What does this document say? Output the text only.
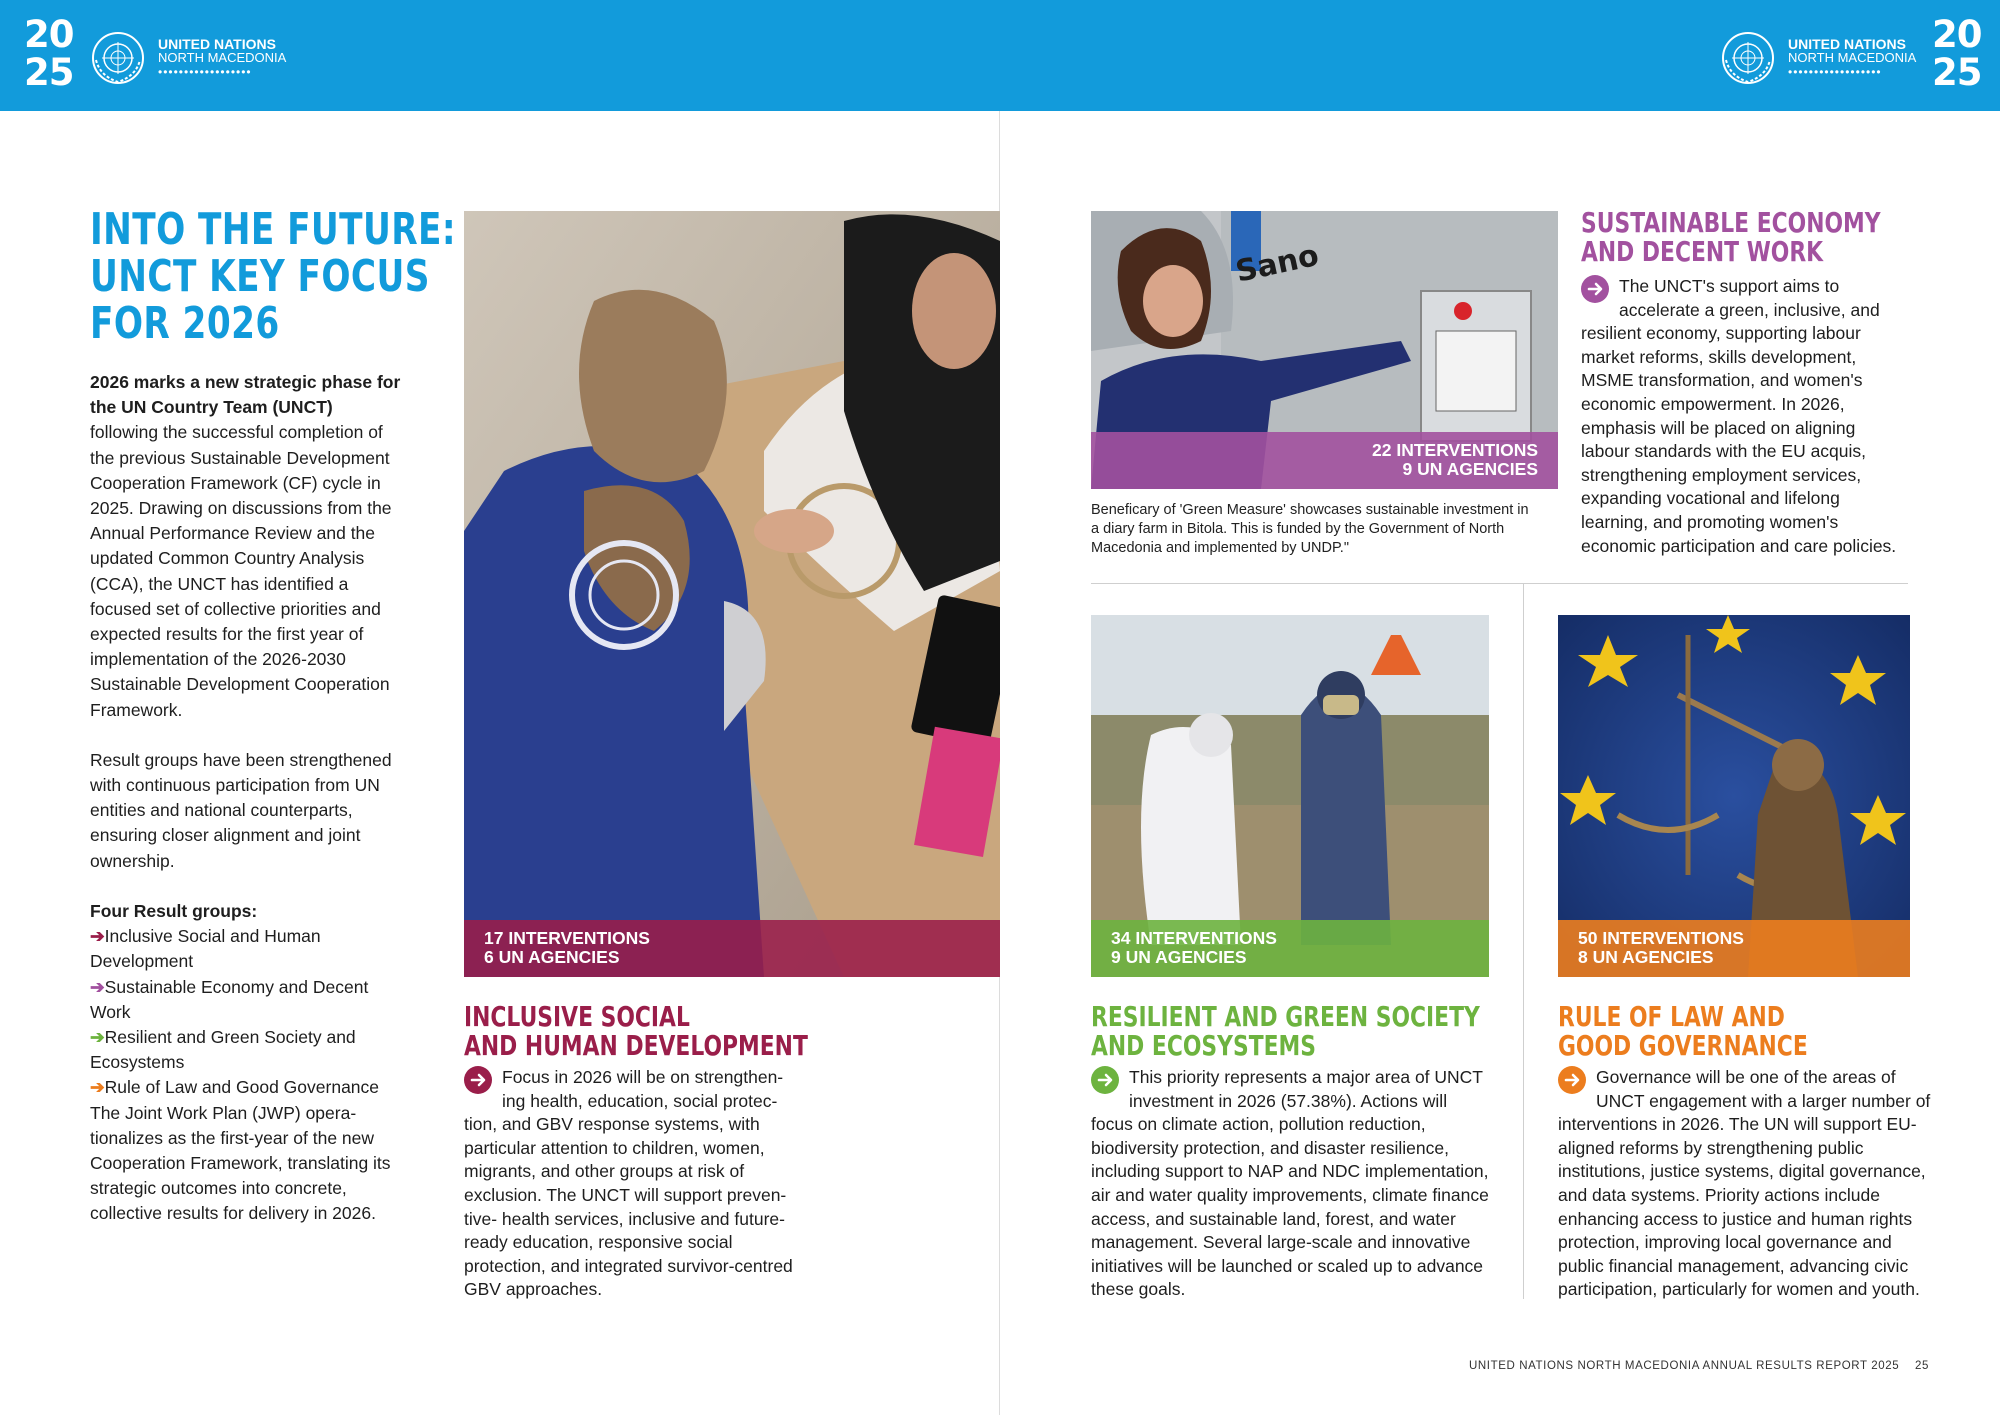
20
25
UNITED NATIONS
NORTH MACEDONIA
••••••••••••••••••
UNITED NATIONS
NORTH MACEDONIA
••••••••••••••••••
20
25
INTO THE FUTURE:
UNCT KEY FOCUS
FOR 2026

2026 marks a new strategic phase for the UN Country Team (UNCT) following the successful completion of the previous Sustainable Development Cooperation Framework (CF) cycle in 2025. Drawing on discussions from the Annual Performance Review and the updated Common Country Analysis (CCA), the UNCT has identified a focused set of collective priorities and expected results for the first year of implementation of the 2026-2030 Sustainable Development Cooperation Framework.

Result groups have been strengthened with continuous participation from UN entities and national counterparts, ensuring closer alignment and joint ownership.

Four Result groups:
➔Inclusive Social and Human Development
➔Sustainable Economy and Decent Work
➔Resilient and Green Society and Ecosystems
➔Rule of Law and Good Governance
The Joint Work Plan (JWP) opera- tionalizes as the first-year of the new Cooperation Framework, translating its strategic outcomes into concrete, collective results for delivery in 2026.
17 INTERVENTIONS
6 UN AGENCIES
INCLUSIVE SOCIAL
AND HUMAN DEVELOPMENT
Focus in 2026 will be on strengthen- ing health, education, social protec- tion, and GBV response systems, with particular attention to children, women, migrants, and other groups at risk of exclusion. The UNCT will support preven- tive- health services, inclusive and future-ready education, responsive social protection, and integrated survivor-centred GBV approaches.
Sano
22 INTERVENTIONS
9 UN AGENCIES
Beneficary of 'Green Measure' showcases sustainable investment in a diary farm in Bitola. This is funded by the Government of North Macedonia and implemented by UNDP."
SUSTAINABLE ECONOMY
AND DECENT WORK
The UNCT's support aims to accelerate a green, inclusive, and resilient economy, supporting labour market reforms, skills development, MSME transformation, and women's economic empowerment. In 2026, emphasis will be placed on aligning labour standards with the EU acquis, strengthening employment services, expanding vocational and lifelong learning, and promoting women's economic participation and care policies.
34 INTERVENTIONS
9 UN AGENCIES
RESILIENT AND GREEN SOCIETY
AND ECOSYSTEMS
This priority represents a major area of UNCT investment in 2026 (57.38%). Actions will focus on climate action, pollution reduction, biodiversity protection, and disaster resilience, including support to NAP and NDC implementation, air and water quality improvements, climate finance access, and sustainable land, forest, and water management. Several large-scale and innovative initiatives will be launched or scaled up to advance these goals.
50 INTERVENTIONS
8 UN AGENCIES
RULE OF LAW AND
GOOD GOVERNANCE
Governance will be one of the areas of UNCT engagement with a larger number of interventions in 2026. The UN will support EU-aligned reforms by strengthening public institutions, justice systems, digital governance, and data systems. Priority actions include enhancing access to justice and human rights protection, improving local governance and public financial management, advancing civic participation, particularly for women and youth.
UNITED NATIONS NORTH MACEDONIA ANNUAL RESULTS REPORT 2025 25
